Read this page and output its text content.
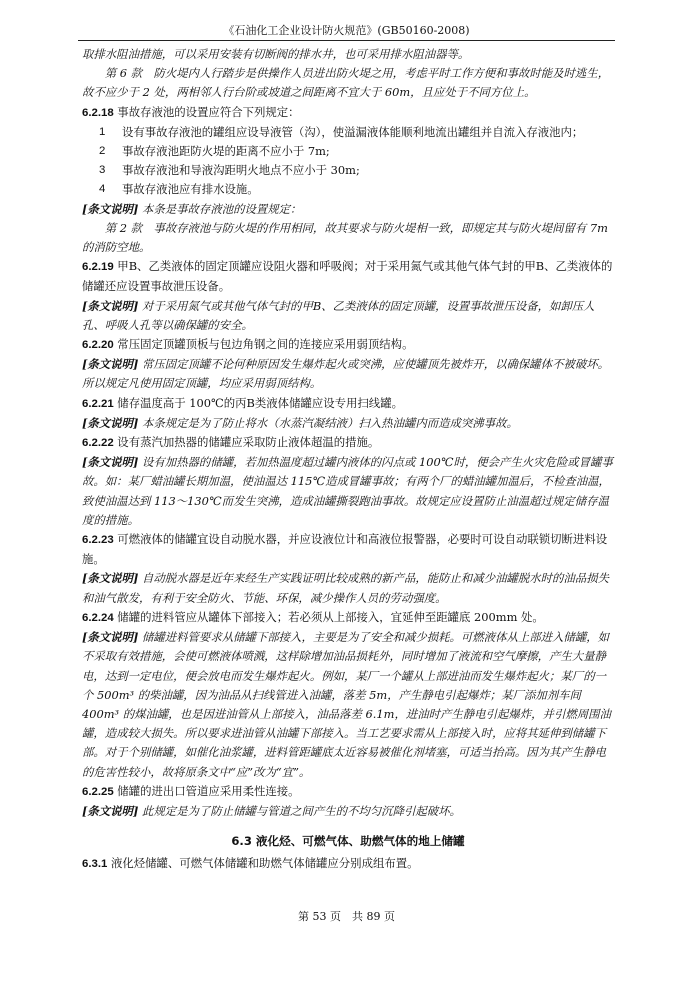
《石油化工企业设计防火规范》(GB50160-2008)

取排水阻油措施，可以采用安装有切断阀的排水井，也可采用排水阻油器等。

第 6 款　防火堤内人行踏步是供操作人员进出防火堤之用，考虑平时工作方便和事故时能及时逃生，故不应少于 2 处，两相邻人行台阶或坡道之间距离不宜大于 60m，且应处于不同方位上。

6.2.18 事故存液池的设置应符合下列规定：

1	设有事故存液池的罐组应设导液管（沟），使溢漏液体能顺利地流出罐组并自流入存液池内；
2	事故存液池距防火堤的距离不应小于 7m;
3	事故存液池和导液沟距明火地点不应小于 30m;
4	事故存液池应有排水设施。

[条文说明] 本条是事故存液池的设置规定：

第 2 款　事故存液池与防火堤的作用相同，故其要求与防火堤相一致，即规定其与防火堤间留有 7m 的消防空地。

6.2.19 甲B、乙类液体的固定顶罐应设阻火器和呼吸阀；对于采用氮气或其他气体气封的甲B、乙类液体的储罐还应设置事故泄压设备。

[条文说明] 对于采用氮气或其他气体气封的甲B、乙类液体的固定顶罐，设置事故泄压设备，如卸压人孔、呼吸人孔等以确保罐的安全。

6.2.20 常压固定顶罐顶板与包边角钢之间的连接应采用弱顶结构。

[条文说明] 常压固定顶罐不论何种原因发生爆炸起火或突沸，应使罐顶先被炸开，以确保罐体不被破坏。所以规定凡使用固定顶罐，均应采用弱顶结构。

6.2.21 储存温度高于 100℃的丙B类液体储罐应设专用扫线罐。

[条文说明] 本条规定是为了防止将水（水蒸汽凝结液）扫入热油罐内而造成突沸事故。

6.2.22 设有蒸汽加热器的储罐应采取防止液体超温的措施。

[条文说明] 设有加热器的储罐，若加热温度超过罐内液体的闪点或 100℃时，便会产生火灾危险或冒罐事故。如：某厂蜡油罐长期加温，使油温达 115℃造成冒罐事故；有两个厂的蜡油罐加温后，不检查油温，致使油温达到 113～130℃而发生突沸，造成油罐撕裂跑油事故。故规定应设置防止油温超过规定储存温度的措施。

6.2.23 可燃液体的储罐宜设自动脱水器，并应设液位计和高液位报警器，必要时可设自动联锁切断进料设施。

[条文说明] 自动脱水器是近年来经生产实践证明比较成熟的新产品，能防止和减少油罐脱水时的油品损失和油气散发，有利于安全防火、节能、环保，减少操作人员的劳动强度。

6.2.24 储罐的进料管应从罐体下部接入；若必须从上部接入，宜延伸至距罐底 200mm 处。

[条文说明] 储罐进料管要求从储罐下部接入，主要是为了安全和减少损耗。可燃液体从上部进入储罐，如不采取有效措施，会使可燃液体喷溅，这样除增加油品损耗外，同时增加了液流和空气摩擦，产生大量静电，达到一定电位，便会放电而发生爆炸起火。例如，某厂一个罐从上部进油而发生爆炸起火；某厂的一个 500m³ 的柴油罐，因为油品从扫线管进入油罐，落差 5m，产生静电引起爆炸；某厂添加剂车间 400m³ 的煤油罐，也是因进油管从上部接入，油品落差 6.1m，进油时产生静电引起爆炸，并引燃周围油罐，造成较大损失。所以要求进油管从油罐下部接入。当工艺要求需从上部接入时，应将其延伸到储罐下部。对于个别储罐，如催化油浆罐，进料管距罐底太近容易被催化剂堵塞，可适当抬高。因为其产生静电的危害性较小，故将原条文中“应”改为“宜”。

6.2.25 储罐的进出口管道应采用柔性连接。

[条文说明] 此规定是为了防止储罐与管道之间产生的不均匀沉降引起破坏。

6.3 液化烃、可燃气体、助燃气体的地上储罐

6.3.1 液化烃储罐、可燃气体储罐和助燃气体储罐应分别成组布置。

第 53 页　共 89 页
